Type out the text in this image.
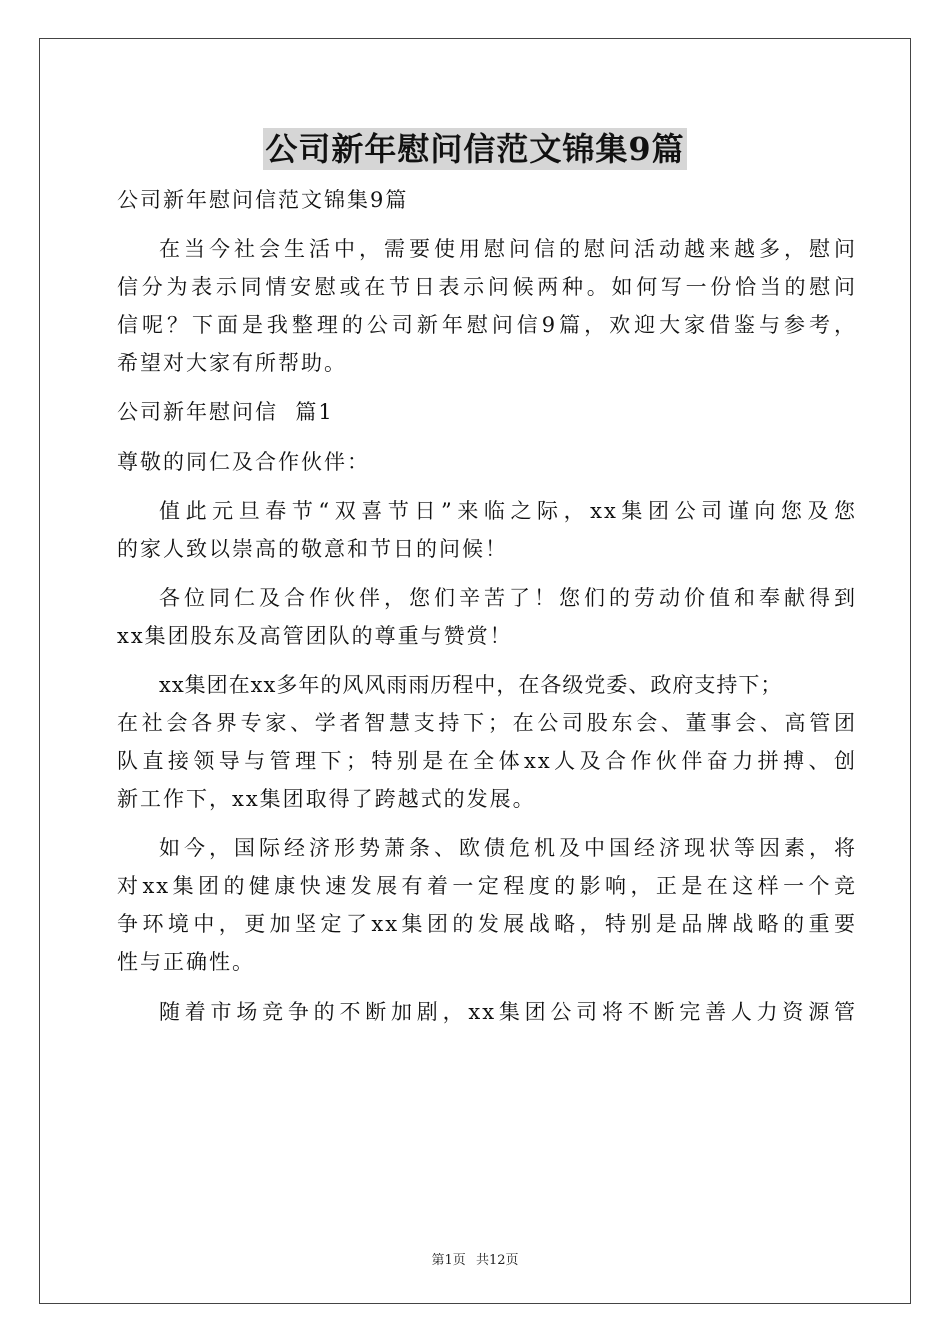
公司新年慰问信范文锦集9篇

公司新年慰问信范文锦集9篇

在当今社会生活中，需要使用慰问信的慰问活动越来越多，慰问

信分为表示同情安慰或在节日表示问候两种。如何写一份恰当的慰问

信呢？下面是我整理的公司新年慰问信9篇，欢迎大家借鉴与参考，

希望对大家有所帮助。

公司新年慰问信  篇1

尊敬的同仁及合作伙伴：

值此元旦春节“双喜节日”来临之际，xx集团公司谨向您及您

的家人致以崇高的敬意和节日的问候！

各位同仁及合作伙伴，您们辛苦了！您们的劳动价值和奉献得到

xx集团股东及高管团队的尊重与赞赏！

xx集团在xx多年的风风雨雨历程中，在各级党委、政府支持下；

在社会各界专家、学者智慧支持下；在公司股东会、董事会、高管团

队直接领导与管理下；特别是在全体xx人及合作伙伴奋力拼搏、创

新工作下，xx集团取得了跨越式的发展。

如今，国际经济形势萧条、欧债危机及中国经济现状等因素，将

对xx集团的健康快速发展有着一定程度的影响，正是在这样一个竞

争环境中，更加坚定了xx集团的发展战略，特别是品牌战略的重要

性与正确性。

随着市场竞争的不断加剧，xx集团公司将不断完善人力资源管

第1页 共12页
